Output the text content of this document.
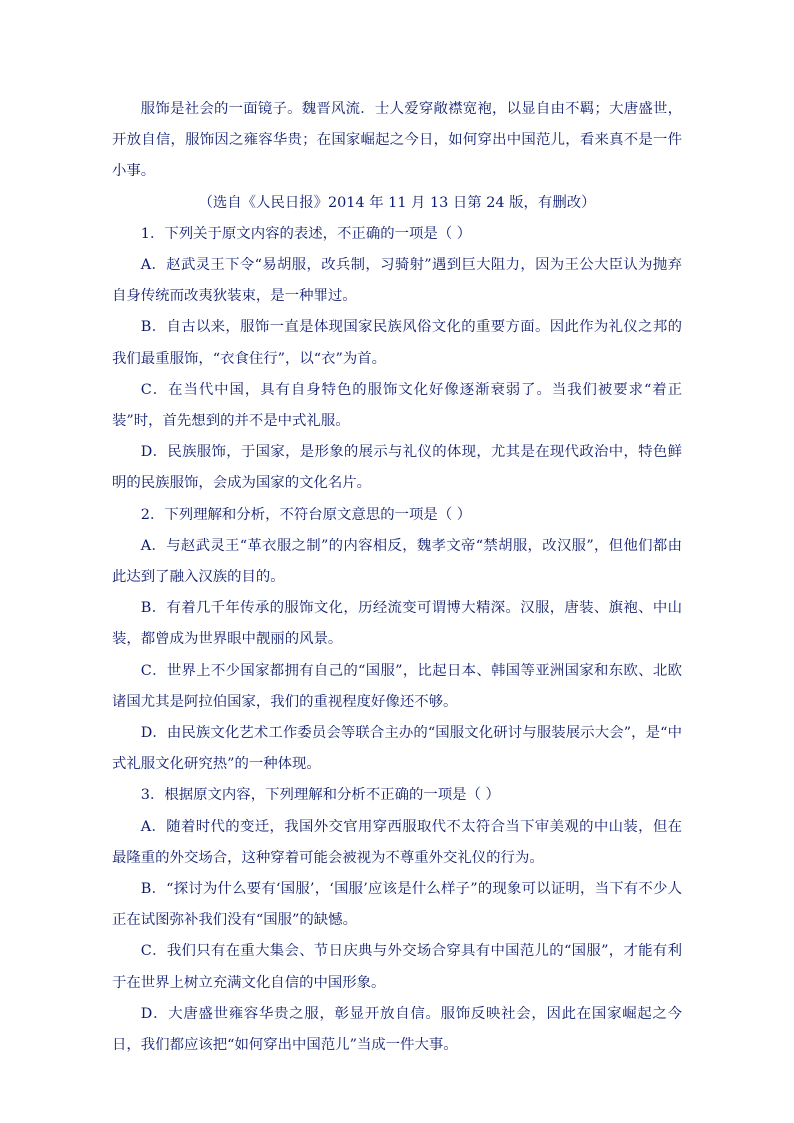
服饰是社会的一面镜子。魏晋风流．士人爱穿敞襟宽袍，以显自由不羁；大唐盛世，开放自信，服饰因之雍容华贵；在国家崛起之今日，如何穿出中国范儿，看来真不是一件小事。

（选自《人民日报》2014 年 11 月 13 日第 24 版，有删改）

1．下列关于原文内容的表述，不正确的一项是（ ）

A．赵武灵王下令“易胡服，改兵制，习骑射”遇到巨大阻力，因为王公大臣认为抛弃自身传统而改夷狄装束，是一种罪过。

B．自古以来，服饰一直是体现国家民族风俗文化的重要方面。因此作为礼仪之邦的我们最重服饰，“衣食住行”，以“衣”为首。

C．在当代中国，具有自身特色的服饰文化好像逐渐衰弱了。当我们被要求“着正装”时，首先想到的并不是中式礼服。

D．民族服饰，于国家，是形象的展示与礼仪的体现，尤其是在现代政治中，特色鲜明的民族服饰，会成为国家的文化名片。

2．下列理解和分析，不符台原文意思的一项是（ ）

A．与赵武灵王“革衣服之制”的内容相反，魏孝文帝“禁胡服，改汉服”，但他们都由此达到了融入汉族的目的。

B．有着几千年传承的服饰文化，历经流变可谓博大精深。汉服，唐装、旗袍、中山装，都曾成为世界眼中靓丽的风景。

C．世界上不少国家都拥有自己的“国服”，比起日本、韩国等亚洲国家和东欧、北欧诸国尤其是阿拉伯国家，我们的重视程度好像还不够。

D．由民族文化艺术工作委员会等联合主办的“国服文化研讨与服装展示大会”，是“中式礼服文化研究热”的一种体现。

3．根据原文内容，下列理解和分析不正确的一项是（ ）

A．随着时代的变迁，我国外交官用穿西服取代不太符合当下审美观的中山装，但在最隆重的外交场合，这种穿着可能会被视为不尊重外交礼仪的行为。

B．“探讨为什么要有‘国服’，‘国服’应该是什么样子”的现象可以证明，当下有不少人正在试图弥补我们没有“国服”的缺憾。

C．我们只有在重大集会、节日庆典与外交场合穿具有中国范儿的“国服”，才能有利于在世界上树立充满文化自信的中国形象。

D．大唐盛世雍容华贵之服，彰显开放自信。服饰反映社会，因此在国家崛起之今日，我们都应该把“如何穿出中国范儿”当成一件大事。
